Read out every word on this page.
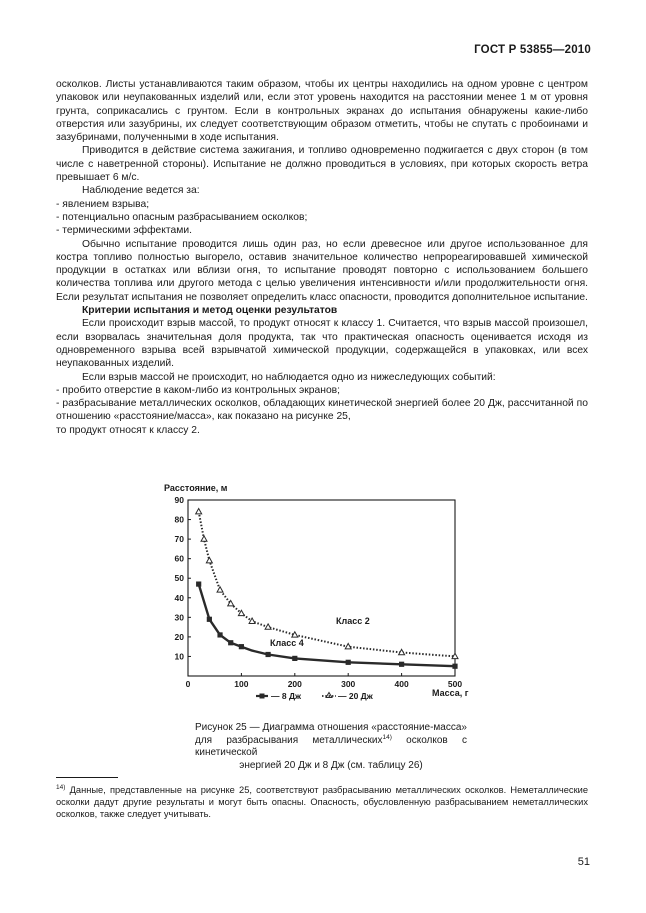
ГОСТ Р 53855—2010

осколков. Листы устанавливаются таким образом, чтобы их центры находились на одном уровне с центром упаковок или неупакованных изделий или, если этот уровень находится на расстоянии менее 1 м от уровня грунта, соприкасались с грунтом. Если в контрольных экранах до испытания обнаружены какие-либо отверстия или зазубрины, их следует соответствующим образом отметить, чтобы не спутать с пробоинами и зазубринами, полученными в ходе испытания.

Приводится в действие система зажигания, и топливо одновременно поджигается с двух сторон (в том числе с наветренной стороны). Испытание не должно проводиться в условиях, при которых скорость ветра превышает 6 м/с.

Наблюдение ведется за:

- явлением взрыва;

- потенциально опасным разбрасыванием осколков;

- термическими эффектами.

Обычно испытание проводится лишь один раз, но если древесное или другое использованное для костра топливо полностью выгорело, оставив значительное количество непрореагировавшей химической продукции в остатках или вблизи огня, то испытание проводят повторно с использованием большего количества топлива или другого метода с целью увеличения интенсивности и/или продолжительности огня. Если результат испытания не позволяет определить класс опасности, проводится дополнительное испытание.

Критерии испытания и метод оценки результатов

Если происходит взрыв массой, то продукт относят к классу 1. Считается, что взрыв массой произошел, если взорвалась значительная доля продукта, так что практическая опасность оценивается исходя из одновременного взрыва всей взрывчатой химической продукции, содержащейся в упаковках, или всех неупакованных изделий.

Если взрыв массой не происходит, но наблюдается одно из нижеследующих событий:

- пробито отверстие в каком-либо из контрольных экранов;

- разбрасывание металлических осколков, обладающих кинетической энергией более 20 Дж, рассчитанной по отношению «расстояние/масса», как показано на рисунке 25,

то продукт относят к классу 2.

Расстояние, м
Масса, г
0	100	200	300	400	500
10
20
30
40
50
60
70
80
90
— 8 Дж	— 20 Дж
Класс 2
Класс 4
Рисунок 25 — Диаграмма отношения «расстояние-масса» для разбрасывания металлических$^{14)}$ осколков с кинетической
энергией 20 Дж и 8 Дж (см. таблицу 26)
$^{14)}$ Данные, представленные на рисунке 25, соответствуют разбрасыванию металлических осколков. Неметаллические осколки дадут другие результаты и могут быть опасны. Опасность, обусловленную разбрасыванием неметаллических осколков, также следует учитывать.
51
